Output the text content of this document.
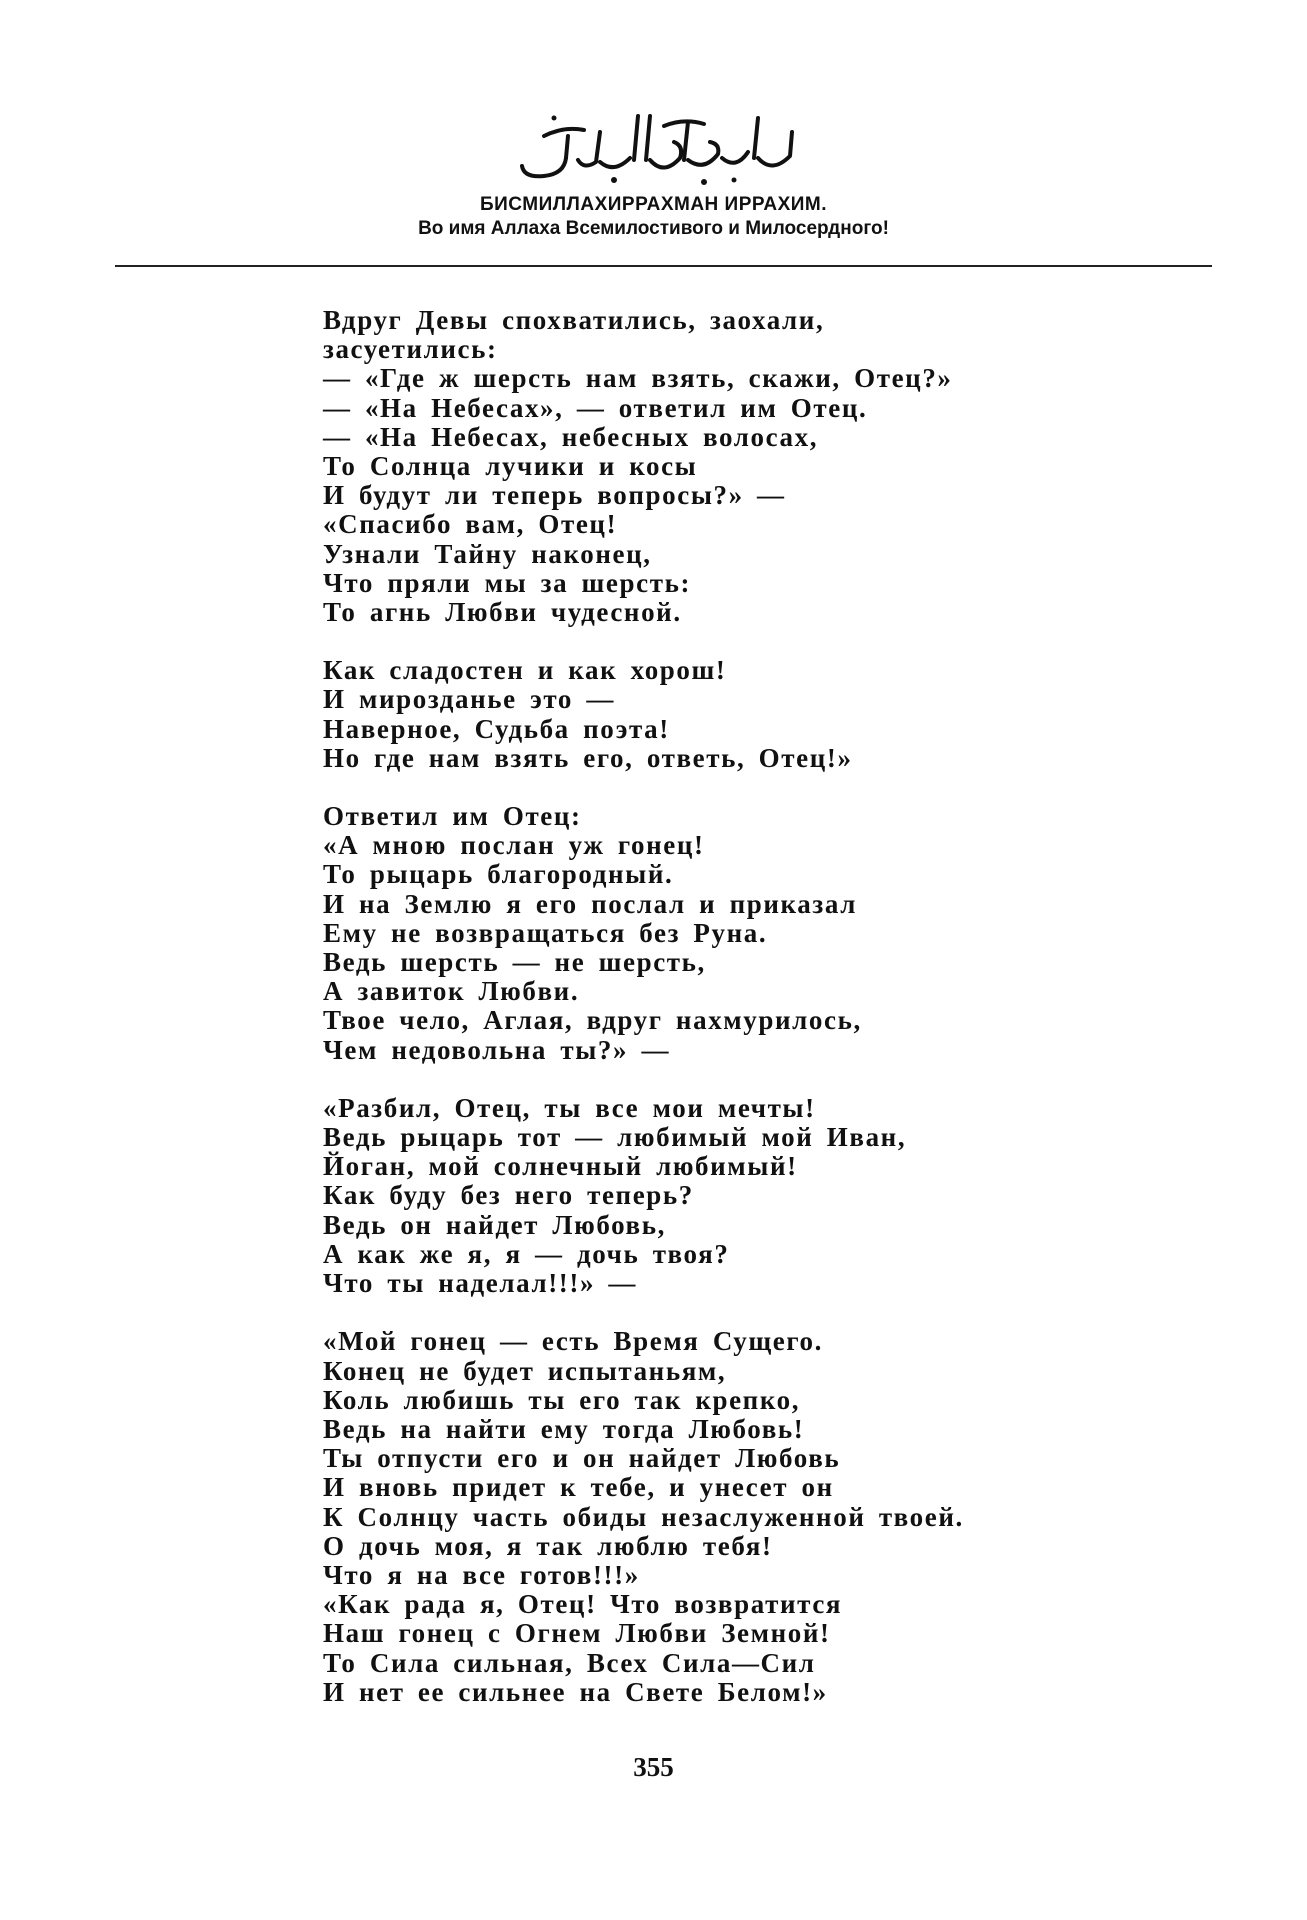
БИСМИЛЛАХИРРАХМАН ИРРАХИМ.
Во имя Аллаха Всемилостивого и Милосердного!
Вдруг Девы спохватились, заохали,
засуетились:
— «Где ж шерсть нам взять, скажи, Отец?»
— «На Небесах», — ответил им Отец.
— «На Небесах, небесных волосах,
То Солнца лучики и косы
И будут ли теперь вопросы?» —
«Спасибо вам, Отец!
Узнали Тайну наконец,
Что пряли мы за шерсть:
То агнь Любви чудесной.
Как сладостен и как хорош!
И мирозданье это —
Наверное, Судьба поэта!
Но где нам взять его, ответь, Отец!»
Ответил им Отец:
«А мною послан уж гонец!
То рыцарь благородный.
И на Землю я его послал и приказал
Ему не возвращаться без Руна.
Ведь шерсть — не шерсть,
А завиток Любви.
Твое чело, Аглая, вдруг нахмурилось,
Чем недовольна ты?» —
«Разбил, Отец, ты все мои мечты!
Ведь рыцарь тот — любимый мой Иван,
Йоган, мой солнечный любимый!
Как буду без него теперь?
Ведь он найдет Любовь,
А как же я, я — дочь твоя?
Что ты наделал!!!» —
«Мой гонец — есть Время Сущего.
Конец не будет испытаньям,
Коль любишь ты его так крепко,
Ведь на найти ему тогда Любовь!
Ты отпусти его и он найдет Любовь
И вновь придет к тебе, и унесет он
К Солнцу часть обиды незаслуженной твоей.
О дочь моя, я так люблю тебя!
Что я на все готов!!!»
«Как рада я, Отец! Что возвратится
Наш гонец с Огнем Любви Земной!
То Сила сильная, Всех Сила—Сил
И нет ее сильнее на Свете Белом!»
355
